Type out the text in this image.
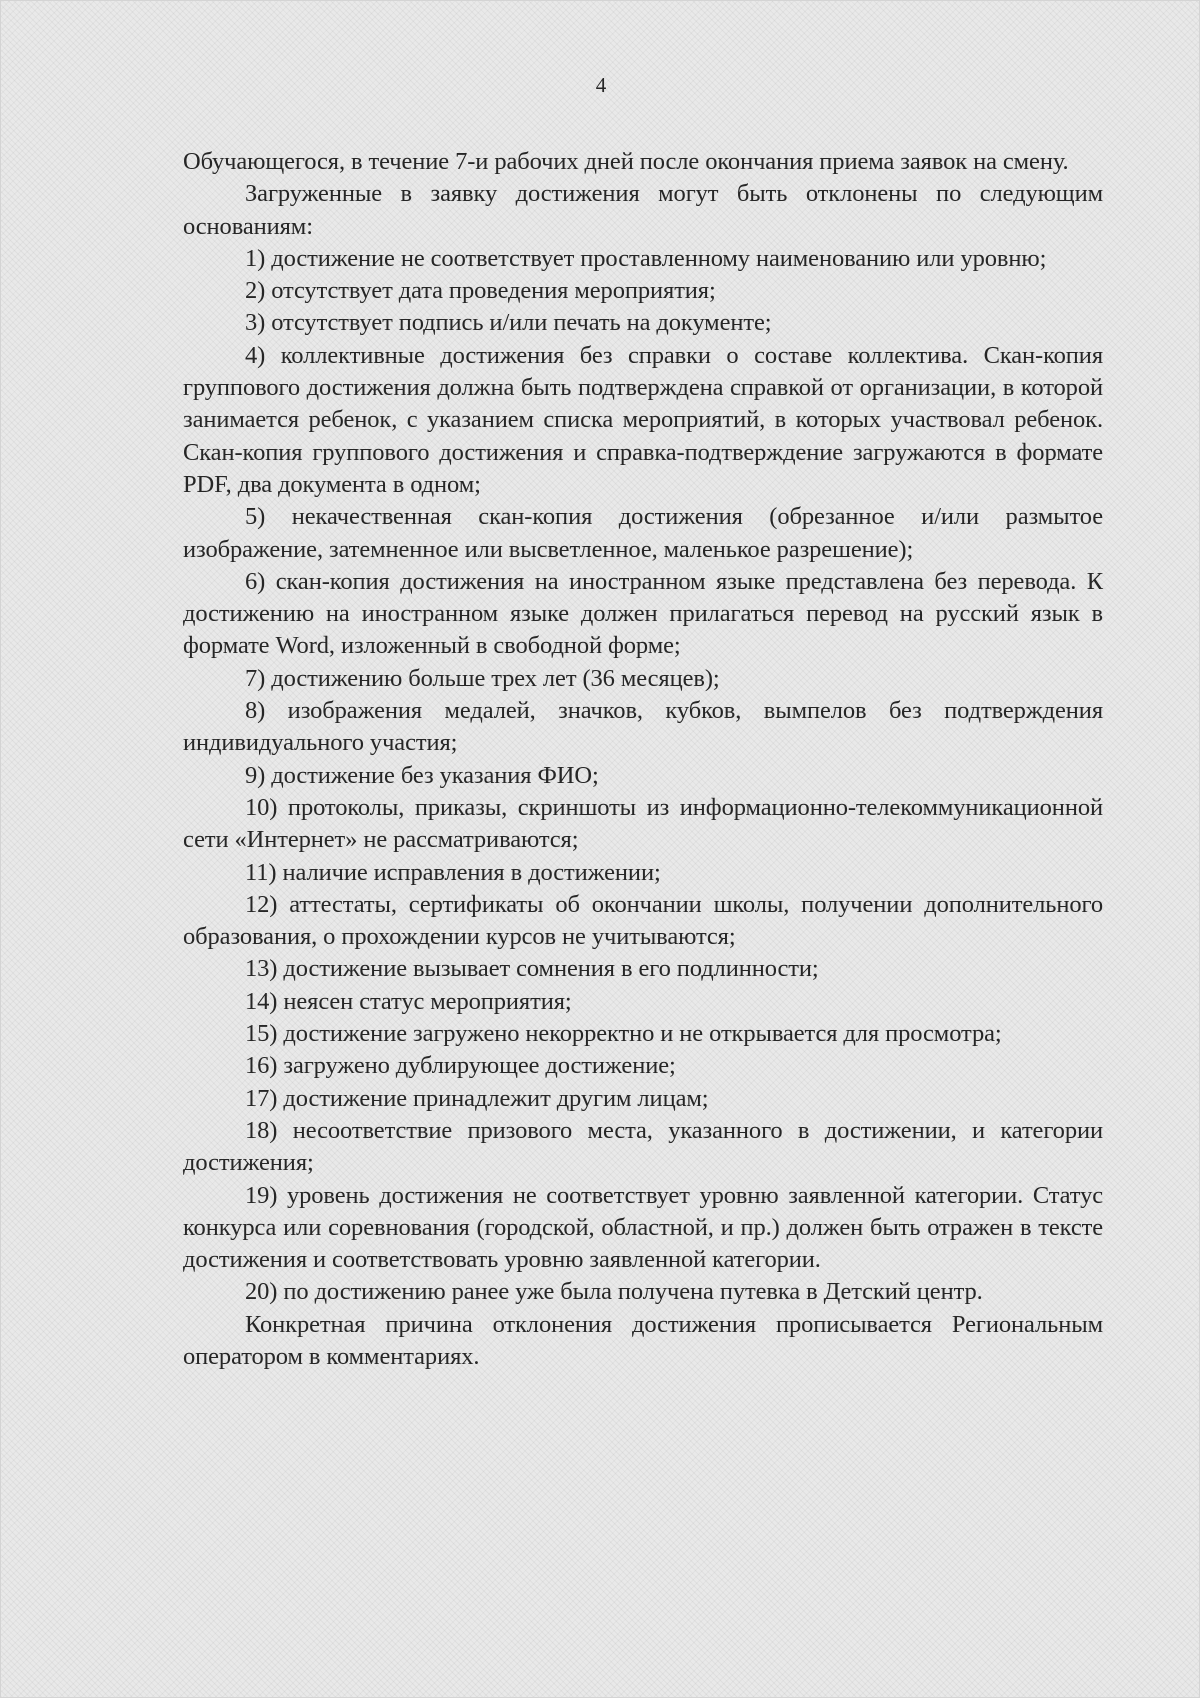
4

Обучающегося, в течение 7-и рабочих дней после окончания приема заявок на смену.

Загруженные в заявку достижения могут быть отклонены по следующим основаниям:

1) достижение не соответствует проставленному наименованию или уровню;

2) отсутствует дата проведения мероприятия;

3) отсутствует подпись и/или печать на документе;

4) коллективные достижения без справки о составе коллектива. Скан-копия группового достижения должна быть подтверждена справкой от организации, в которой занимается ребенок, с указанием списка мероприятий, в которых участвовал ребенок. Скан-копия группового достижения и справка-подтверждение загружаются в формате PDF, два документа в одном;

5) некачественная скан-копия достижения (обрезанное и/или размытое изображение, затемненное или высветленное, маленькое разрешение);

6) скан-копия достижения на иностранном языке представлена без перевода. К достижению на иностранном языке должен прилагаться перевод на русский язык в формате Word, изложенный в свободной форме;

7) достижению больше трех лет (36 месяцев);

8) изображения медалей, значков, кубков, вымпелов без подтверждения индивидуального участия;

9) достижение без указания ФИО;

10) протоколы, приказы, скриншоты из информационно-телекоммуникационной сети «Интернет» не рассматриваются;

11) наличие исправления в достижении;

12) аттестаты, сертификаты об окончании школы, получении дополнительного образования, о прохождении курсов не учитываются;

13) достижение вызывает сомнения в его подлинности;

14) неясен статус мероприятия;

15) достижение загружено некорректно и не открывается для просмотра;

16) загружено дублирующее достижение;

17) достижение принадлежит другим лицам;

18) несоответствие призового места, указанного в достижении, и категории достижения;

19) уровень достижения не соответствует уровню заявленной категории. Статус конкурса или соревнования (городской, областной, и пр.) должен быть отражен в тексте достижения и соответствовать уровню заявленной категории.

20) по достижению ранее уже была получена путевка в Детский центр.

Конкретная причина отклонения достижения прописывается Региональным оператором в комментариях.
